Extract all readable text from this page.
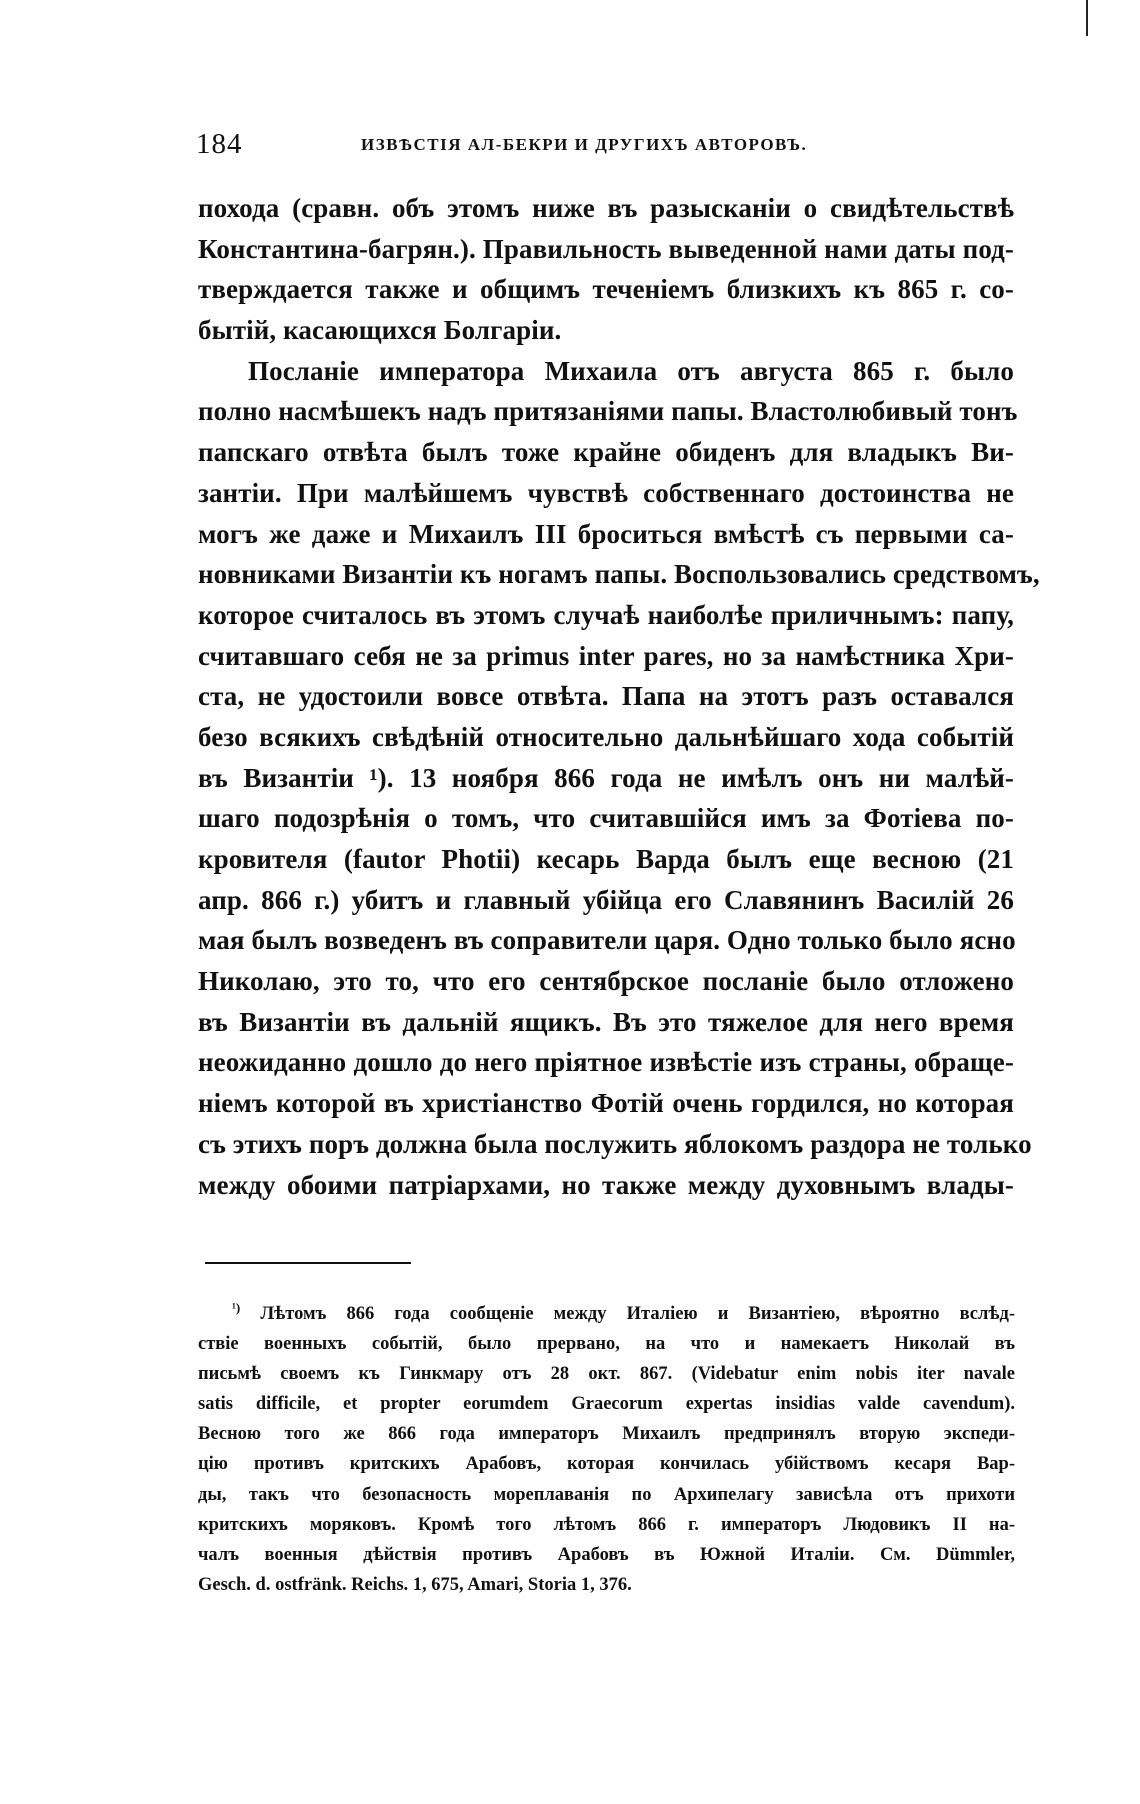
184	ИЗВѢСТІЯ АЛ-БЕКРИ И ДРУГИХЪ АВТОРОВЪ.
похода (сравн. объ этомъ ниже въ разысканіи о свидѣтельствѣ
Константина-багрян.). Правильность выведенной нами даты под-
тверждается также и общимъ теченіемъ близкихъ къ 865 г. со-
бытій, касающихся Болгаріи.
Посланіе императора Михаила отъ августа 865 г. было
полно насмѣшекъ надъ притязаніями папы. Властолюбивый тонъ
папскаго отвѣта былъ тоже крайне обиденъ для владыкъ Ви-
зантіи. При малѣйшемъ чувствѣ собственнаго достоинства не
могъ же даже и Михаилъ III броситься вмѣстѣ съ первыми са-
новниками Византіи къ ногамъ папы. Воспользовались средствомъ,
которое считалось въ этомъ случаѣ наиболѣе приличнымъ: папу,
считавшаго себя не за primus inter pares, но за намѣстника Хри-
ста, не удостоили вовсе отвѣта. Папа на этотъ разъ оставался
безо всякихъ свѣдѣній относительно дальнѣйшаго хода событій
въ Византіи ¹). 13 ноября 866 года не имѣлъ онъ ни малѣй-
шаго подозрѣнія о томъ, что считавшійся имъ за Фотіева по-
кровителя (fautor Photii) кесарь Варда былъ еще весною (21
апр. 866 г.) убитъ и главный убійца его Славянинъ Василій 26
мая былъ возведенъ въ соправители царя. Одно только было ясно
Николаю, это то, что его сентябрское посланіе было отложено
въ Византіи въ дальній ящикъ. Въ это тяжелое для него время
неожиданно дошло до него пріятное извѣстіе изъ страны, обраще-
ніемъ которой въ христіанство Фотій очень гордился, но которая
съ этихъ поръ должна была послужить яблокомъ раздора не только
между обоими патріархами, но также между духовнымъ влады-
$^{^1)}$ Лѣтомъ 866 года сообщеніе между Италіею и Византіею, вѣроятно вслѣд-
ствіе военныхъ событій, было прервано, на что и намекаетъ Николай въ
письмѣ своемъ къ Гинкмару отъ 28 окт. 867. (Videbatur enim nobis iter navale
satis difficile, et propter eorumdem Graecorum expertas insidias valde cavendum).
Весною того же 866 года императоръ Михаилъ предпринялъ вторую экспеди-
цію противъ критскихъ Арабовъ, которая кончилась убійствомъ кесаря Вар-
ды, такъ что безопасность мореплаванія по Архипелагу зависѣла отъ прихоти
критскихъ моряковъ. Кромѣ того лѣтомъ 866 г. императоръ Людовикъ II на-
чалъ военныя дѣйствія противъ Арабовъ въ Южной Италіи. См. Dümmler,
Gesch. d. ostfränk. Reichs. 1, 675, Amari, Storia 1, 376.
